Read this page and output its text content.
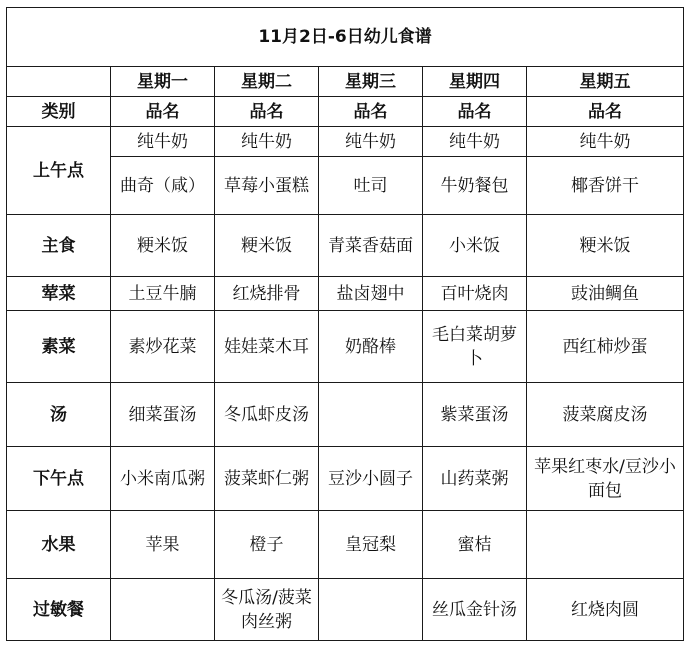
11月2日-6日幼儿食谱					
	星期一	星期二	星期三	星期四	星期五
类别	品名	品名	品名	品名	品名
上午点	纯牛奶	纯牛奶	纯牛奶	纯牛奶	纯牛奶
	曲奇（咸）	草莓小蛋糕	吐司	牛奶餐包	椰香饼干
主食	粳米饭	粳米饭	青菜香菇面	小米饭	粳米饭
荤菜	土豆牛腩	红烧排骨	盐卤翅中	百叶烧肉	豉油鲷鱼
素菜	素炒花菜	娃娃菜木耳	奶酪棒	毛白菜胡萝卜	西红柿炒蛋
汤	细菜蛋汤	冬瓜虾皮汤		紫菜蛋汤	菠菜腐皮汤
下午点	小米南瓜粥	菠菜虾仁粥	豆沙小圆子	山药菜粥	苹果红枣水/豆沙小面包
水果	苹果	橙子	皇冠梨	蜜桔	
过敏餐		冬瓜汤/菠菜肉丝粥		丝瓜金针汤	红烧肉圆
